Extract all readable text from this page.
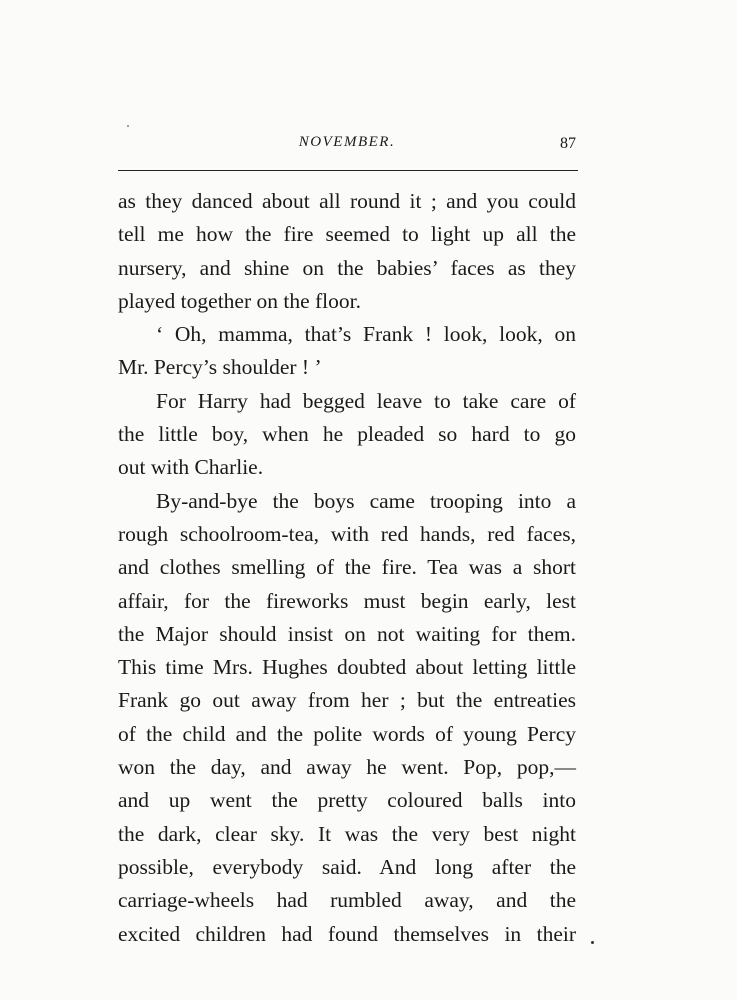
NOVEMBER.	87
as they danced about all round it ; and you could
tell me how the fire seemed to light up all the
nursery, and shine on the babies’ faces as they
played together on the floor.
‘ Oh, mamma, that’s Frank ! look, look, on
Mr. Percy’s shoulder ! ’
For Harry had begged leave to take care of
the little boy, when he pleaded so hard to go
out with Charlie.
By-and-bye the boys came trooping into a
rough schoolroom-tea, with red hands, red faces,
and clothes smelling of the fire. Tea was a short
affair, for the fireworks must begin early, lest
the Major should insist on not waiting for them.
This time Mrs. Hughes doubted about letting little
Frank go out away from her ; but the entreaties
of the child and the polite words of young Percy
won the day, and away he went. Pop, pop,—
and up went the pretty coloured balls into
the dark, clear sky. It was the very best night
possible, everybody said. And long after the
carriage-wheels had rumbled away, and the
excited children had found themselves in their
